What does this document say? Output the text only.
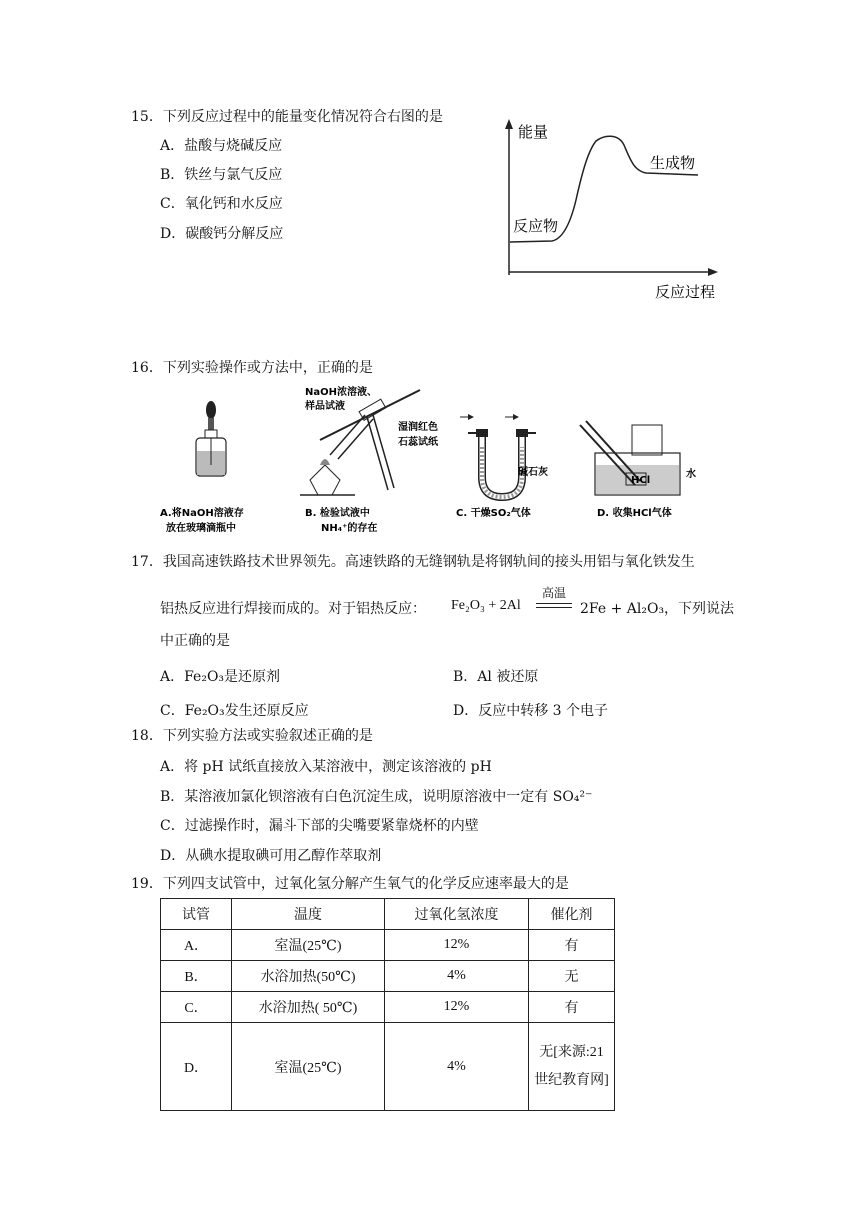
15．下列反应过程中的能量变化情况符合右图的是
A．盐酸与烧碱反应
B．铁丝与氯气反应
C．氧化钙和水反应
D．碳酸钙分解反应
能量
生成物
反应物
反应过程
16．下列实验操作或方法中，正确的是
A.将NaOH溶液存
放在玻璃滴瓶中
NaOH浓溶液、
样品试液
湿润红色
石蕊试纸
B. 检验试液中
NH₄⁺的存在
碱石灰
C. 干燥SO₂气体
HCl
水
D. 收集HCl气体
17．我国高速铁路技术世界领先。高速铁路的无缝钢轨是将钢轨间的接头用铝与氧化铁发生
铝热反应进行焊接而成的。对于铝热反应： Fe₂O₃ + 2Al
高温
2Fe + Al₂O₃，下列说法
中正确的是
A．Fe₂O₃是还原剂	B．Al 被还原
C．Fe₂O₃发生还原反应	D．反应中转移 3 个电子
18．下列实验方法或实验叙述正确的是
A．将 pH 试纸直接放入某溶液中，测定该溶液的 pH
B．某溶液加氯化钡溶液有白色沉淀生成，说明原溶液中一定有 SO₄²⁻
C．过滤操作时，漏斗下部的尖嘴要紧靠烧杯的内壁
D．从碘水提取碘可用乙醇作萃取剂
19．下列四支试管中，过氧化氢分解产生氧气的化学反应速率最大的是
试管	温度	过氧化氢浓度	催化剂
A．	室温(25℃)	12%	有
B．	水浴加热(50℃)	4%	无
C．	水浴加热( 50℃)	12%	有
D．	室温(25℃)	4%	无[来源:21世纪教育网]
